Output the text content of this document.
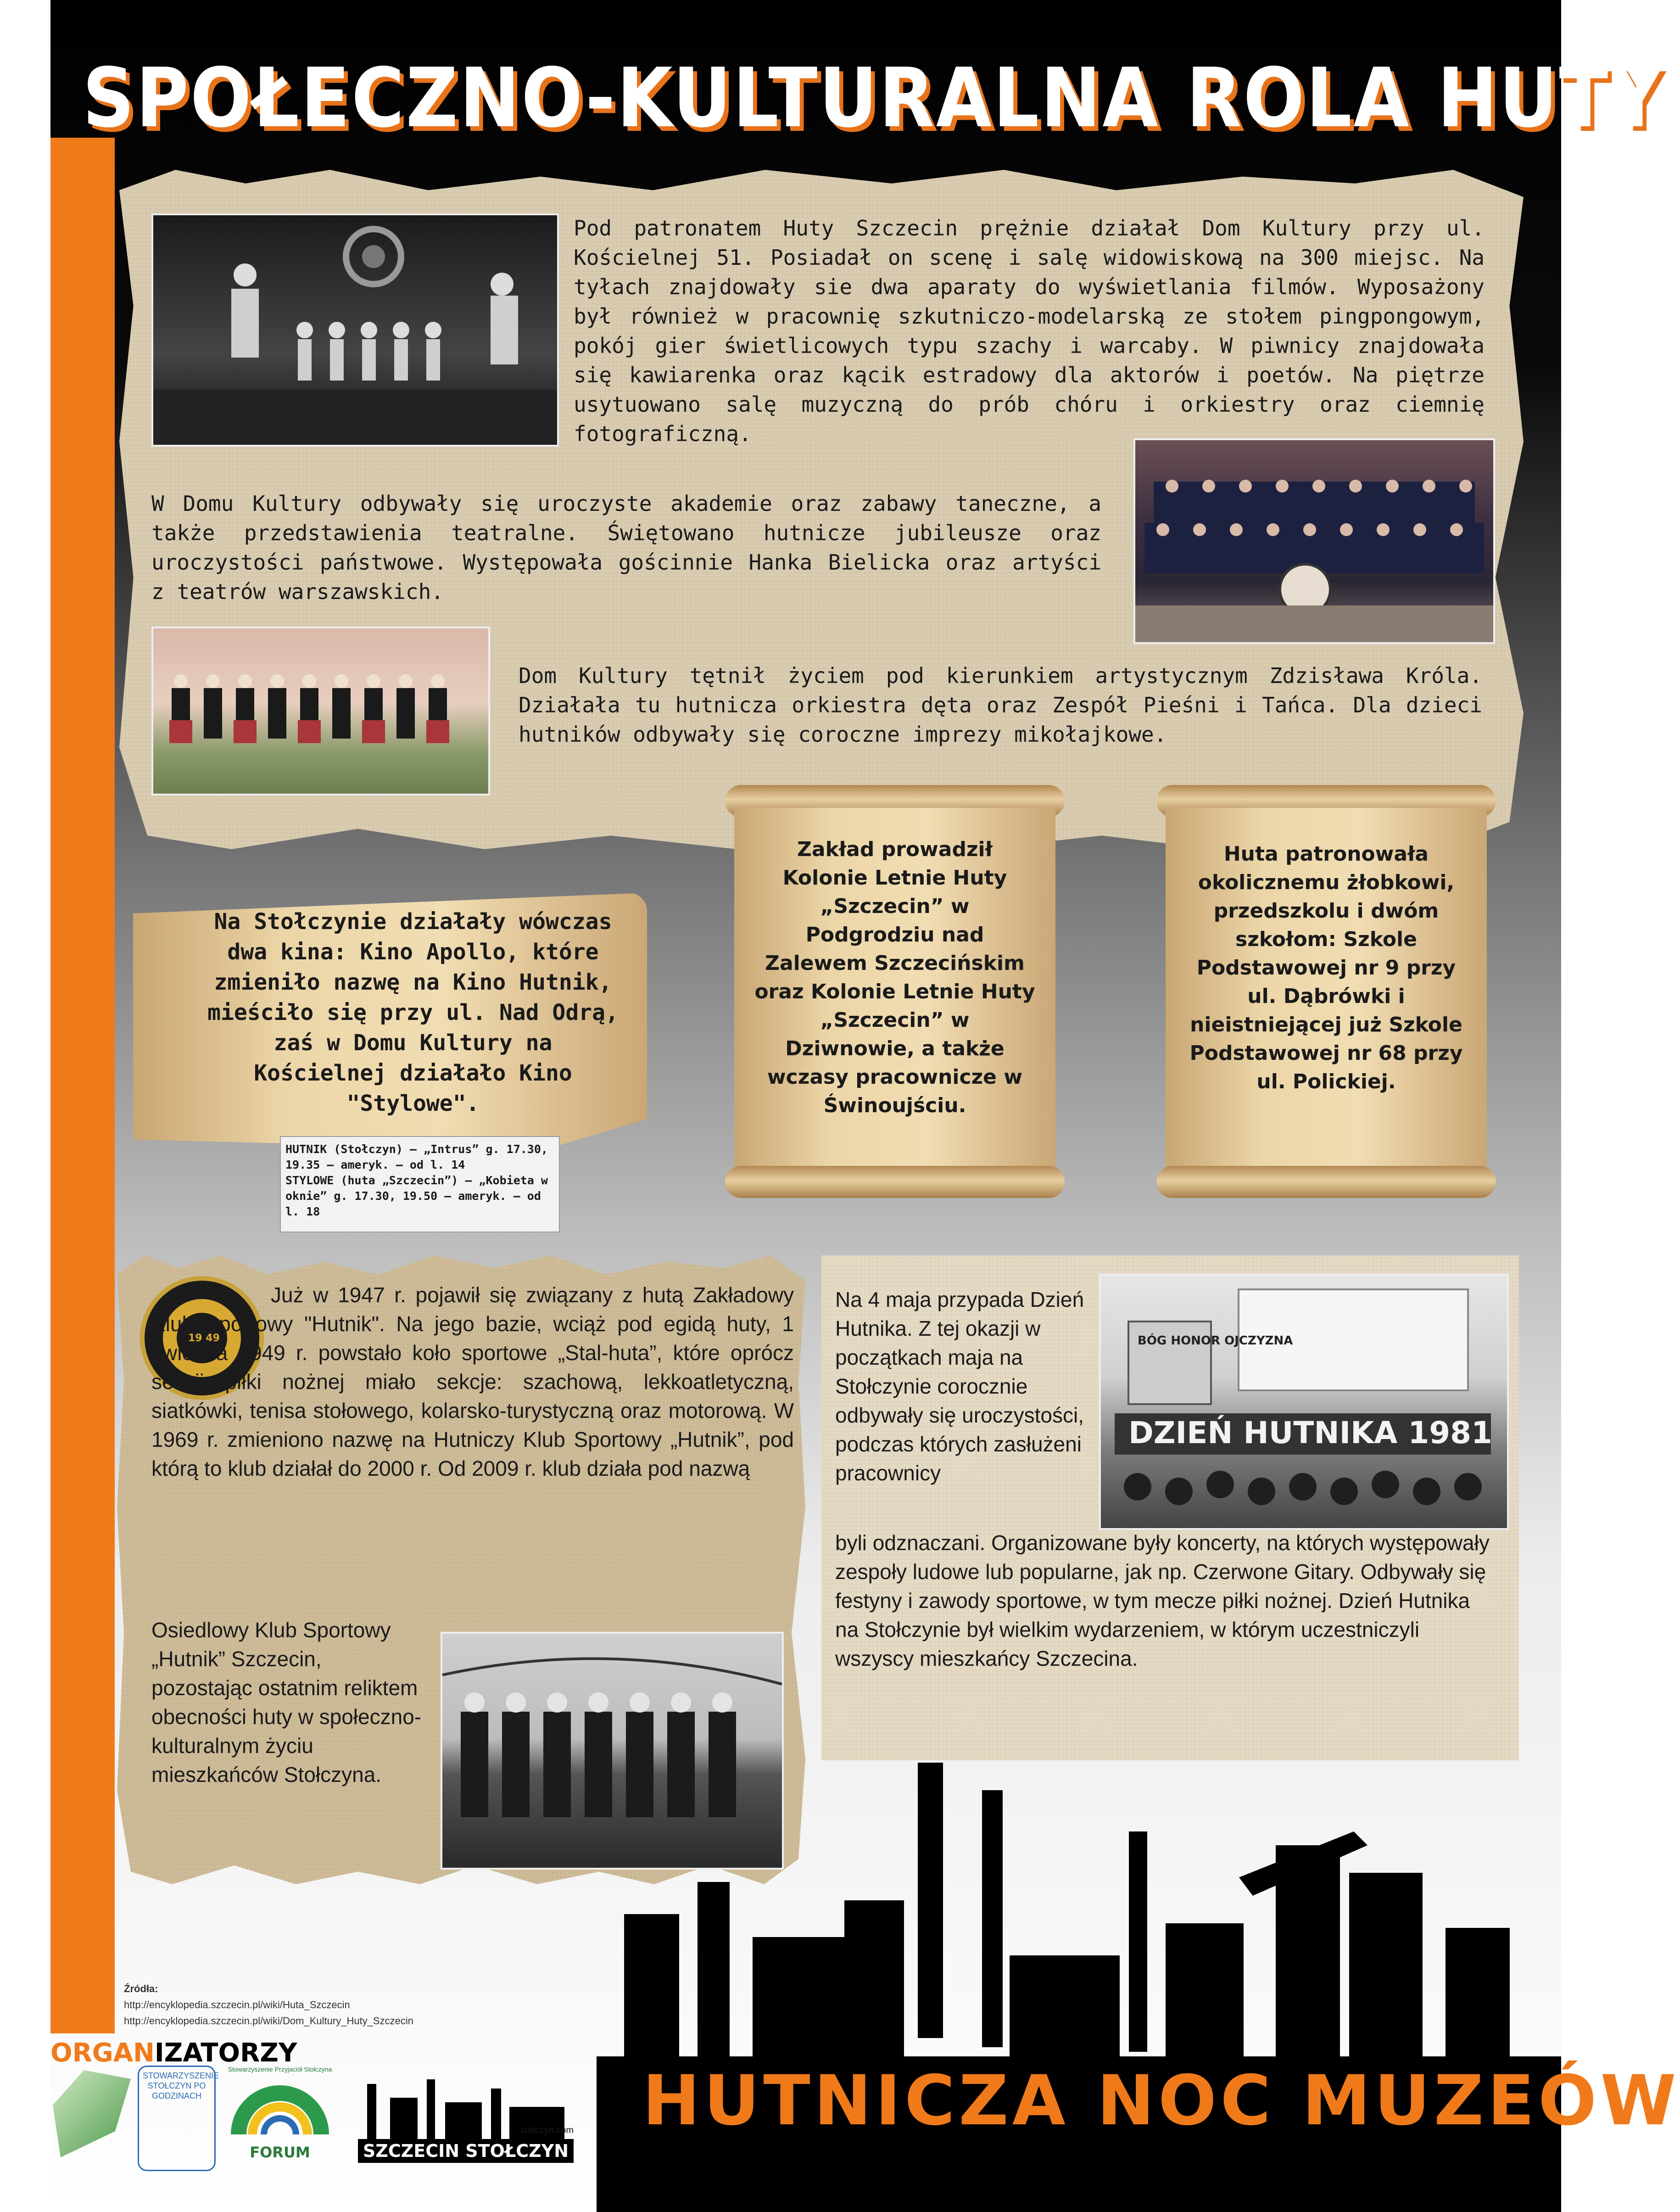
SPOŁECZNO-KULTURALNA ROLA HUTY
Pod patronatem Huty Szczecin prężnie działał Dom Kultury przy ul. Kościelnej 51. Posiadał on scenę i salę widowiskową na 300 miejsc. Na tyłach znajdowały sie dwa aparaty do wyświetlania filmów. Wyposażony był również w pracownię szkutniczo-modelarską ze stołem pingpongowym, pokój gier świetlicowych typu szachy i warcaby. W piwnicy znajdowała się kawiarenka oraz kącik estradowy dla aktorów i poetów. Na piętrze usytuowano salę muzyczną do prób chóru i orkiestry oraz ciemnię fotograficzną.
W Domu Kultury odbywały się uroczyste akademie oraz zabawy taneczne, a także przedstawienia teatralne. Świętowano hutnicze jubileusze oraz uroczystości państwowe. Występowała gościnnie Hanka Bielicka oraz artyści z teatrów warszawskich.
Dom Kultury tętnił życiem pod kierunkiem artystycznym Zdzisława Króla. Działała tu hutnicza orkiestra dęta oraz Zespół Pieśni i Tańca. Dla dzieci hutników odbywały się coroczne imprezy mikołajkowe.
Na Stołczynie działały wówczas dwa kina: Kino Apollo, które zmieniło nazwę na Kino Hutnik, mieściło się przy ul. Nad Odrą, zaś w Domu Kultury na Kościelnej działało Kino "Stylowe".
HUTNIK (Stołczyn) — „Intrus” g. 17.30, 19.35 — ameryk. — od l. 14
STYLOWE (huta „Szczecin”) — „Kobieta w oknie” g. 17.30, 19.50 — ameryk. — od l. 18
Zakład prowadził Kolonie Letnie Huty „Szczecin” w Podgrodziu nad Zalewem Szczecińskim oraz Kolonie Letnie Huty „Szczecin” w Dziwnowie, a także wczasy pracownicze w Świnoujściu.
Huta patronowała okolicznemu żłobkowi, przedszkolu i dwóm szkołom: Szkole Podstawowej nr 9 przy ul. Dąbrówki i nieistniejącej już Szkole Podstawowej nr 68 przy ul. Polickiej.
19 49
Już w 1947 r. pojawił się związany z hutą Zakładowy Klub Sportowy "Hutnik". Na jego bazie, wciąż pod egidą huty, 1 kwietnia 1949 r. powstało koło sportowe „Stal-huta”, które oprócz sekcji piłki nożnej miało sekcje: szachową, lekkoatletyczną, siatkówki, tenisa stołowego, kolarsko-turystyczną oraz motorową. W 1969 r. zmieniono nazwę na Hutniczy Klub Sportowy „Hutnik”, pod którą to klub działał do 2000 r. Od 2009 r. klub działa pod nazwą
Osiedlowy Klub Sportowy „Hutnik” Szczecin, pozostając ostatnim reliktem obecności huty w społeczno-kulturalnym życiu mieszkańców Stołczyna.
Na 4 maja przypada Dzień Hutnika. Z tej okazji w początkach maja na Stołczynie corocznie odbywały się uroczystości, podczas których zasłużeni pracownicy
BÓG HONOR OJCZYZNA
DZIEŃ HUTNIKA 1981
byli odznaczani. Organizowane były koncerty, na których występowały zespoły ludowe lub popularne, jak np. Czerwone Gitary. Odbywały się festyny i zawody sportowe, w tym mecze piłki nożnej. Dzień Hutnika na Stołczynie był wielkim wydarzeniem, w którym uczestniczyli wszyscy mieszkańcy Szczecina.
HUTNICZA NOC MUZEÓW
Źródła:
http://encyklopedia.szczecin.pl/wiki/Huta_Szczecin
http://encyklopedia.szczecin.pl/wiki/Dom_Kultury_Huty_Szczecin
ORGANIZATORZY
STOWARZYSZENIE STOŁCZYN PO GODZINACH
Stowarzyszenie Przyjaciół Stołczyna
FORUM
stolczyn.com
SZCZECIN STOŁCZYN
